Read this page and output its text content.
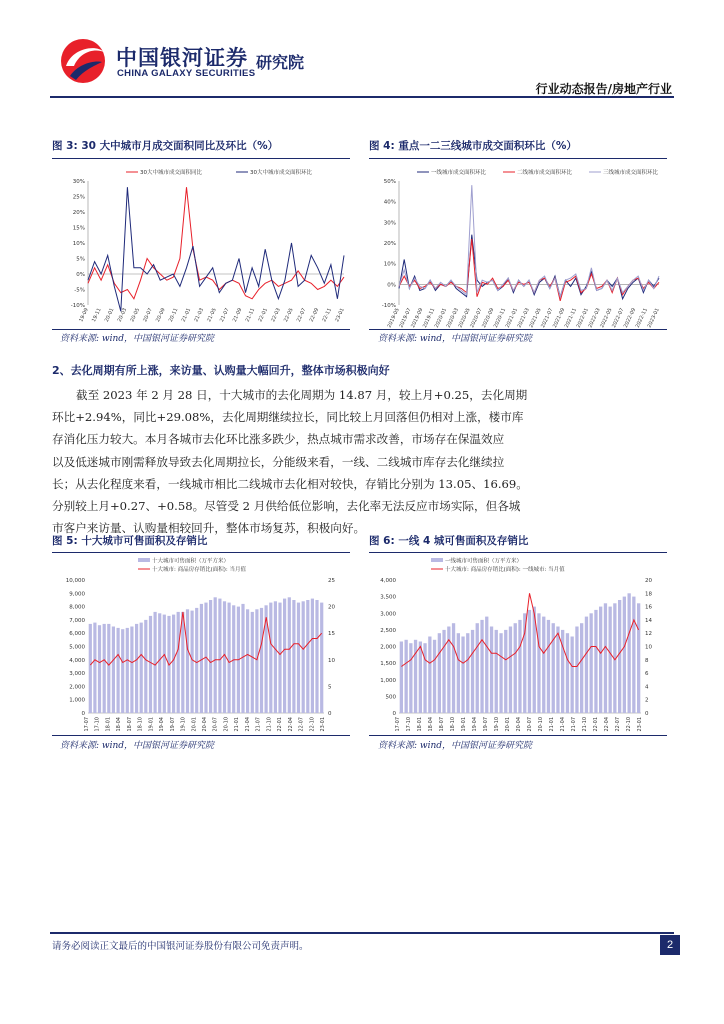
中国银河证券
CHINA GALAXY SECURITIES
研究院
行业动态报告/房地产行业
图 3: 30 大中城市月成交面积同比及环比（%）
-10%
-5%
0%
5%
10%
15%
20%
25%
30%
19-09 19-11 20-01 20-03 20-05 20-07 20-09 20-11 21-01 21-03 21-05 21-07 21-09 21-11 22-01 22-03 22-05 22-07 22-09 22-11 23-01
30大中城市成交面积同比	30大中城市成交面积环比
资料来源: wind，中国银河证券研究院
图 4: 重点一二三线城市成交面积环比（%）
-10%
0%
10%
20%
30%
40%
50%
2019-05
2019-07
2019-09
2019-11
2020-01
2020-03
2020-05
2020-07
2020-09
2020-11
2021-01
2021-03
2021-05
2021-07
2021-09
2021-11
2022-01
2022-03
2022-05
2022-07
2022-09
2022-11
2023-01
一线城市成交面积环比	二线城市成交面积环比	三线城市成交面积环比
资料来源: wind，中国银河证券研究院
2、去化周期有所上涨，来访量、认购量大幅回升，整体市场积极向好
截至 2023 年 2 月 28 日，十大城市的去化周期为 14.87 月，较上月+0.25，去化周期
环比+2.94%，同比+29.08%，去化周期继续拉长，同比较上月回落但仍相对上涨，楼市库
存消化压力较大。本月各城市去化环比涨多跌少，热点城市需求改善，市场存在保温效应
以及低迷城市刚需释放导致去化周期拉长，分能级来看，一线、二线城市库存去化继续拉
长；从去化程度来看，一线城市相比二线城市去化相对较快，存销比分别为 13.05、16.69。
分别较上月+0.27、+0.58。尽管受 2 月供给低位影响，去化率无法反应市场实际，但各城
市客户来访量、认购量相较回升，整体市场复苏，积极向好。
图 5: 十大城市可售面积及存销比
0
1,000
2,000
3,000
4,000
5,000
6,000
7,000
8,000
9,000
10,000
0
5
10
15
20
25
17-07 17-10 18-01 18-04 18-07 18-10 19-01 19-04 19-07 19-10 20-01 20-04 20-07 20-10 21-01 21-04 21-07 21-10 22-01 22-04 22-07 22-10 23-01
十大城市可售面积（万平方米）
十大城市: 商品房存销比(面积): 当月值
资料来源: wind，中国银河证券研究院
图 6: 一线 4 城可售面积及存销比
0
500
1,000
1,500
2,000
2,500
3,000
3,500
4,000
0
2
4
6
8
10
12
14
16
18
20
17-07 17-10 18-01 18-04 18-07 18-10 19-01 19-04 19-07 19-10 20-01 20-04 20-07 20-10 21-01 21-04 21-07 21-10 22-01 22-04 22-07 22-10 23-01
一线城市可售面积（万平方米）
十大城市: 商品房存销比(面积): 一线城市: 当月值
资料来源: wind，中国银河证券研究院
请务必阅读正文最后的中国银河证券股份有限公司免责声明。	2
